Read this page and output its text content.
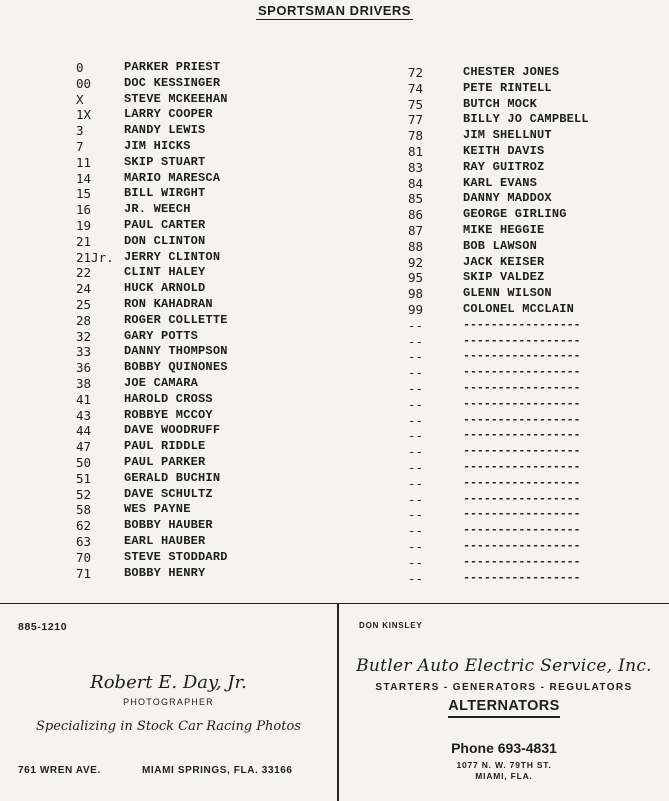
SPORTSMAN DRIVERS
0	PARKER PRIEST
00	DOC KESSINGER
X	STEVE MCKEEHAN
1X	LARRY COOPER
3	RANDY LEWIS
7	JIM HICKS
11	SKIP STUART
14	MARIO MARESCA
15	BILL WIRGHT
16	JR. WEECH
19	PAUL CARTER
21	DON CLINTON
21Jr. JERRY CLINTON
22	CLINT HALEY
24	HUCK ARNOLD
25	RON KAHADRAN
28	ROGER COLLETTE
32	GARY POTTS
33	DANNY THOMPSON
36	BOBBY QUINONES
38	JOE CAMARA
41	HAROLD CROSS
43	ROBBYE MCCOY
44	DAVE WOODRUFF
47	PAUL RIDDLE
50	PAUL PARKER
51	GERALD BUCHIN
52	DAVE SCHULTZ
58	WES PAYNE
62	BOBBY HAUBER
63	EARL HAUBER
70	STEVE STODDARD
71	BOBBY HENRY
72	CHESTER JONES
74	PETE RINTELL
75	BUTCH MOCK
77	BILLY JO CAMPBELL
78	JIM SHELLNUT
81	KEITH DAVIS
83	RAY GUITROZ
84	KARL EVANS
85	DANNY MADDOX
86	GEORGE GIRLING
87	MIKE HEGGIE
88	BOB LAWSON
92	JACK KEISER
95	SKIP VALDEZ
98	GLENN WILSON
99	COLONEL MCCLAIN
--	-----------------
--	-----------------
--	-----------------
--	-----------------
--	-----------------
--	-----------------
--	-----------------
--	-----------------
--	-----------------
--	-----------------
--	-----------------
--	-----------------
--	-----------------
--	-----------------
--	-----------------
--	-----------------
--	-----------------
885-1210
Robert E. Day, Jr.
PHOTOGRAPHER
Specializing in Stock Car Racing Photos
761 WREN AVE.	MIAMI SPRINGS, FLA. 33166
DON KINSLEY
Butler Auto Electric Service, Inc.
STARTERS - GENERATORS - REGULATORS
ALTERNATORS
Phone 693-4831
1077 N. W. 79TH ST.
MIAMI, FLA.
